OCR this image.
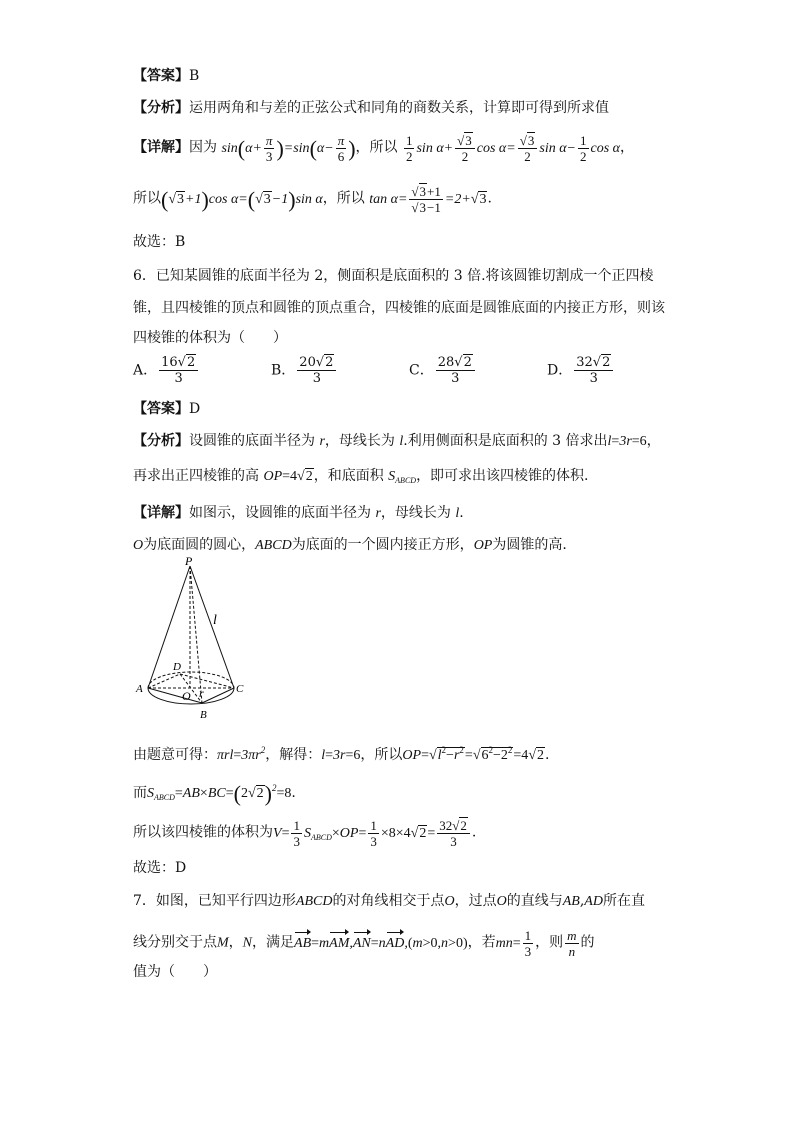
【答案】B
【分析】运用两角和与差的正弦公式和同角的商数关系，计算即可得到所求值
【详解】因为 $\sin(\alpha+ \frac{\pi}{3} )=\sin(\alpha- \frac{\pi}{6}$ )，所以 $\frac{1}{2}$ $\sin \alpha+ \frac{√3}{2}$ $\cos \alpha= \frac{√3}{2}$ $\sin \alpha- \frac{1}{2}$ cos α，
所以(√3+1)cos α=(√3−1)sin α，所以 $\tan \alpha= \frac{√3+1}{√3-1} =2+√3$.
故选：B
6．已知某圆锥的底面半径为 2，侧面积是底面积的 3 倍.将该圆锥切割成一个正四棱
锥，且四棱锥的顶点和圆锥的顶点重合，四棱锥的底面是圆锥底面的内接正方形，则该
四棱锥的体积为（　　）
A． $\frac{16√2}{3}$	B． $\frac{20√2}{3}$	C． $\frac{28√2}{3}$	D． $\frac{32√2}{3}$
【答案】D
【分析】设圆锥的底面半径为 r，母线长为 l.利用侧面积是底面积的 3 倍求出l=3r=6，
再求出正四棱锥的高 OP=4√2，和底面积 $S_{ABCD}$，即可求出该四棱锥的体积.
【详解】如图示，设圆锥的底面半径为 r，母线长为 l.
O为底面圆的圆心，ABCD为底面的一个圆内接正方形，OP为圆锥的高.
P
l
D
A	O r	C
B
由题意可得：$\pi rl=3\pi r^2$，解得：l=3r=6，所以$OP=√l^2-r^2=√6^2-2^2=4√2$.
而$S_{ABCD}=AB\times BC=(2√2)^2=8$.
所以该四棱锥的体积为$V= \frac{1}{3} S_{ABCD}\times OP= \frac{1}{3} \times 8\times 4√2= \frac{32√2}{3}$ .
故选：D
7．如图，已知平行四边形ABCD的对角线相交于点O，过点O的直线与AB,AD所在直
线分别交于点M，N，满足AB=mAM,AN=nAD,(m>0,n>0)，若$mn= \frac{1}{3}$ ，则 $\frac{m}{n}$ 的
值为（　　）
